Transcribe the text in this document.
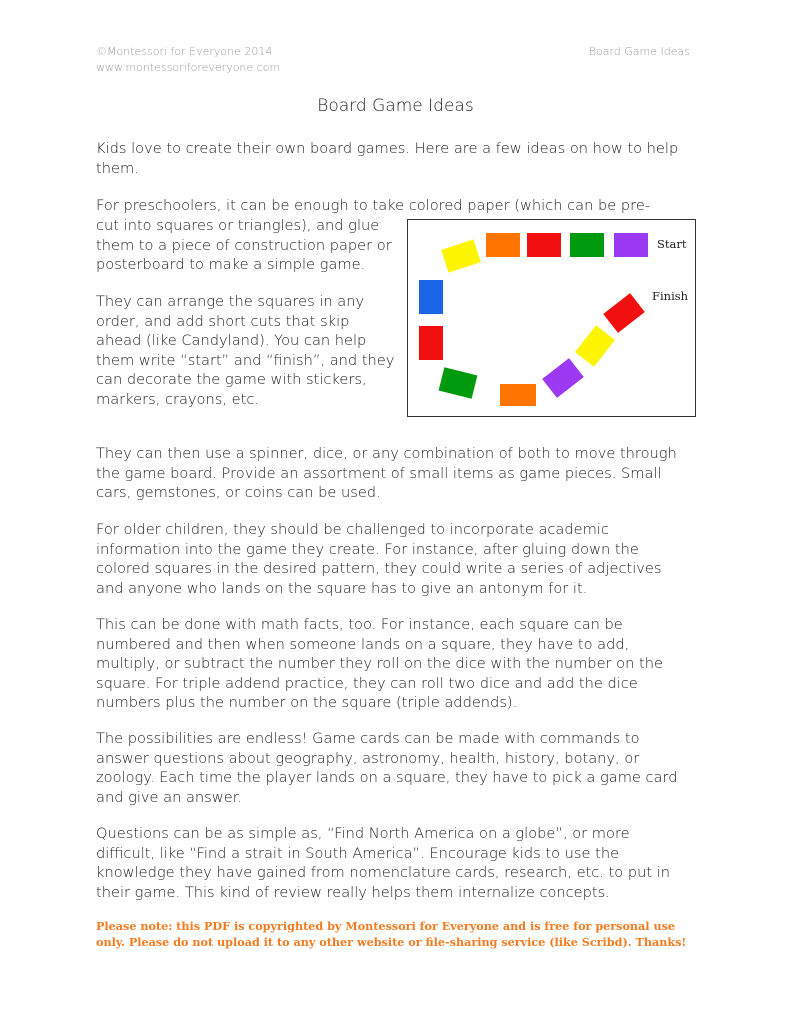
©Montessori for Everyone 2014
www.montessoriforeveryone.com
Board Game Ideas
Board Game Ideas

Kids love to create their own board games. Here are a few ideas on how to help them.

For preschoolers, it can be enough to take colored paper (which can be pre-

cut into squares or triangles), and glue them to a piece of construction paper or posterboard to make a simple game.

They can arrange the squares in any order, and add short cuts that skip ahead (like Candyland). You can help them write “start” and “finish”, and they can decorate the game with stickers, markers, crayons, etc.

Start
Finish

They can then use a spinner, dice, or any combination of both to move through the game board. Provide an assortment of small items as game pieces. Small cars, gemstones, or coins can be used.

For older children, they should be challenged to incorporate academic information into the game they create. For instance, after gluing down the colored squares in the desired pattern, they could write a series of adjectives and anyone who lands on the square has to give an antonym for it.

This can be done with math facts, too. For instance, each square can be numbered and then when someone lands on a square, they have to add, multiply, or subtract the number they roll on the dice with the number on the square. For triple addend practice, they can roll two dice and add the dice numbers plus the number on the square (triple addends).

The possibilities are endless! Game cards can be made with commands to answer questions about geography, astronomy, health, history, botany, or zoology. Each time the player lands on a square, they have to pick a game card and give an answer.

Questions can be as simple as, “Find North America on a globe”, or more difficult, like “Find a strait in South America”. Encourage kids to use the knowledge they have gained from nomenclature cards, research, etc. to put in their game. This kind of review really helps them internalize concepts.

Please note: this PDF is copyrighted by Montessori for Everyone and is free for personal use only. Please do not upload it to any other website or file-sharing service (like Scribd). Thanks!
